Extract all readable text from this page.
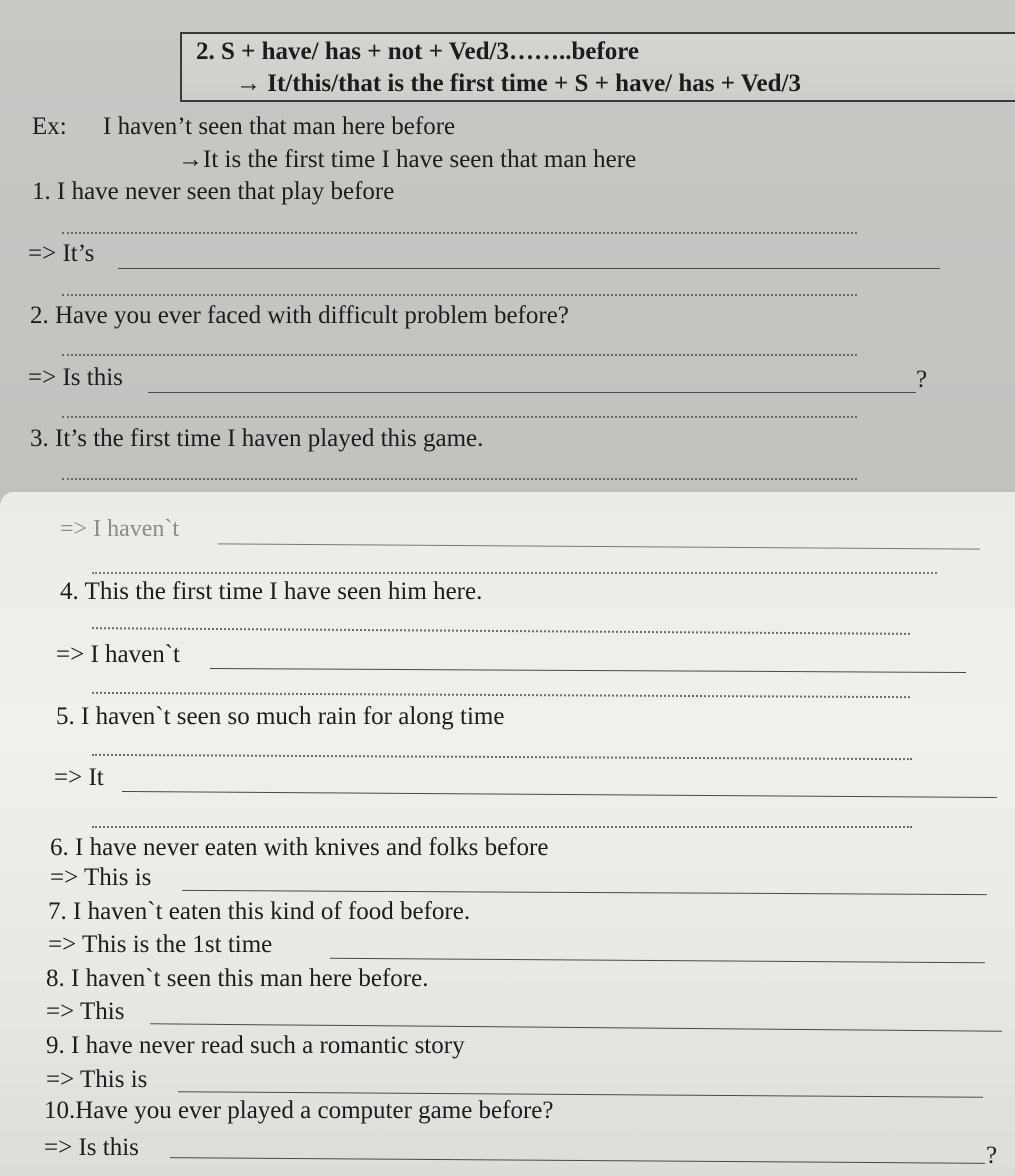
2. S + have/ has + not + Ved/3……..before
→ It/this/that is the first time + S + have/ has + Ved/3
Ex: I haven’t seen that man here before
→It is the first time I have seen that man here
1. I have never seen that play before
=> It’s
2. Have you ever faced with difficult problem before?
=> Is this	?
3. It’s the first time I haven played this game.
=> I haven`t
4. This the first time I have seen him here.
=> I haven`t
5. I haven`t seen so much rain for along time
=> It
6. I have never eaten with knives and folks before
=> This is
7. I haven`t eaten this kind of food before.
=> This is the 1st time
8. I haven`t seen this man here before.
=> This
9. I have never read such a romantic story
=> This is
10.Have you ever played a computer game before?
=> Is this	?
